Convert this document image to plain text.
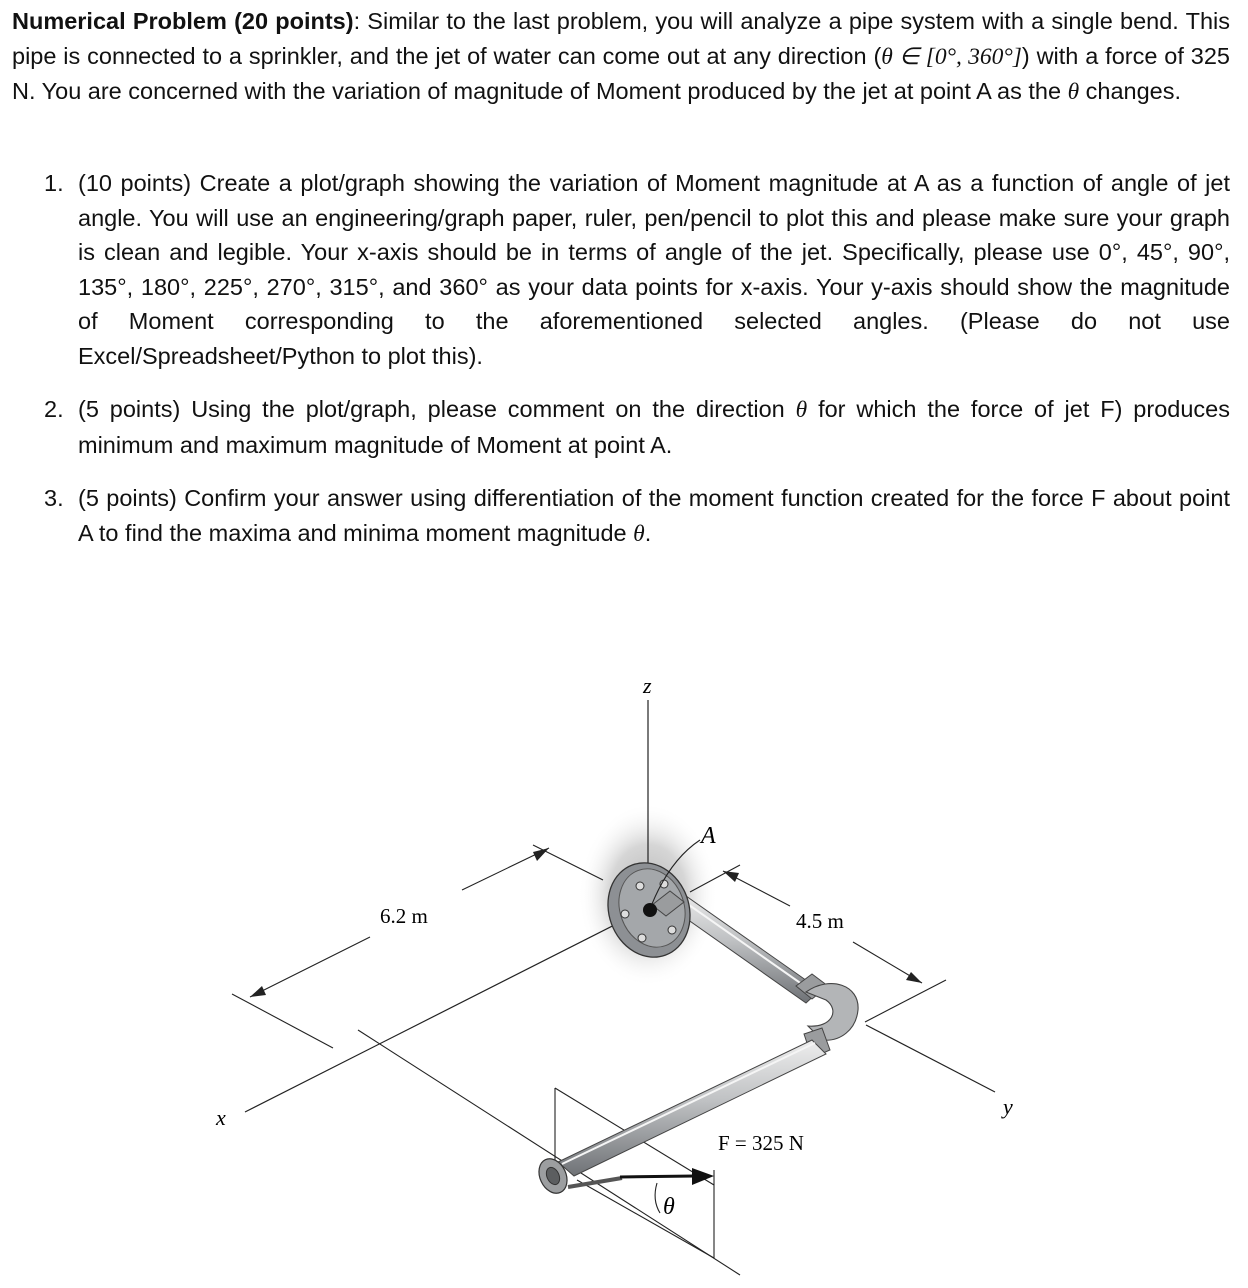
Numerical Problem (20 points): Similar to the last problem, you will analyze a pipe system with a single bend. This pipe is connected to a sprinkler, and the jet of water can come out at any direction (θ ∈ [0°, 360°]) with a force of 325 N. You are concerned with the variation of magnitude of Moment produced by the jet at point A as the θ changes.
1. (10 points) Create a plot/graph showing the variation of Moment magnitude at A as a function of angle of jet angle. You will use an engineering/graph paper, ruler, pen/pencil to plot this and please make sure your graph is clean and legible. Your x-axis should be in terms of angle of the jet. Specifically, please use 0°, 45°, 90°, 135°, 180°, 225°, 270°, 315°, and 360° as your data points for x-axis. Your y-axis should show the magnitude of Moment corresponding to the aforementioned selected angles. (Please do not use Excel/Spreadsheet/Python to plot this).
2. (5 points) Using the plot/graph, please comment on the direction θ for which the force of jet F) produces minimum and maximum magnitude of Moment at point A.
3. (5 points) Confirm your answer using differentiation of the moment function created for the force F about point A to find the maxima and minima moment magnitude θ.
z
x	y
6.2 m	4.5 m
θ
F = 325 N
A
